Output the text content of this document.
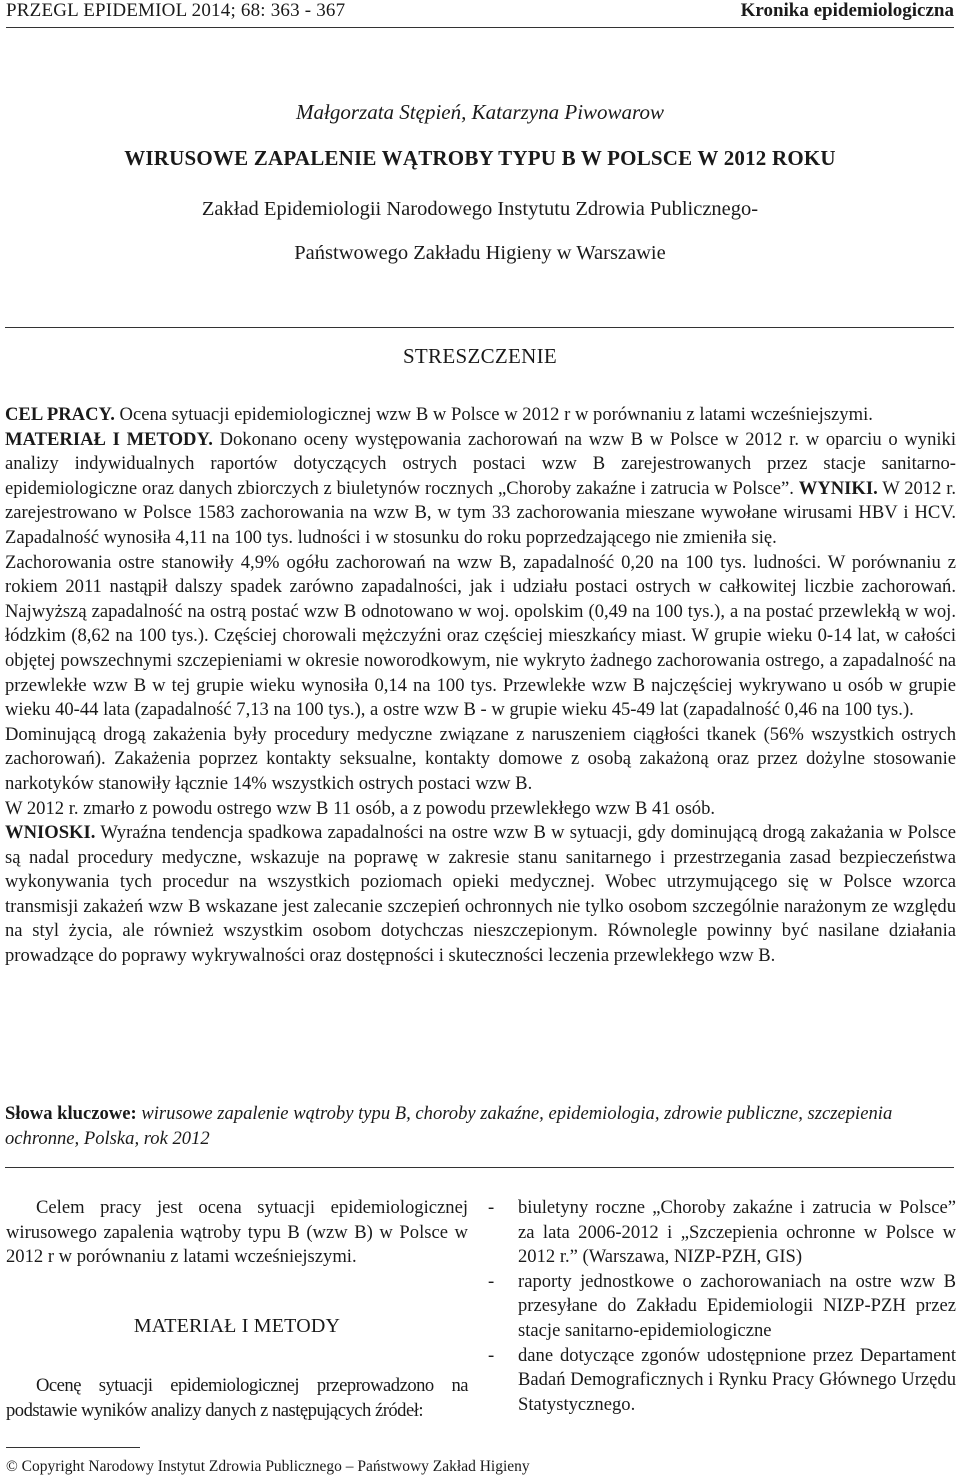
PRZEGL EPIDEMIOL 2014; 68: 363 - 367	Kronika epidemiologiczna
Małgorzata Stępień, Katarzyna Piwowarow
WIRUSOWE ZAPALENIE WĄTROBY TYPU B W POLSCE W 2012 ROKU
Zakład Epidemiologii Narodowego Instytutu Zdrowia Publicznego-
Państwowego Zakładu Higieny w Warszawie
STRESZCZENIE

CEL PRACY. Ocena sytuacji epidemiologicznej wzw B w Polsce w 2012 r w porównaniu z latami wcześniejszymi.

MATERIAŁ I METODY. Dokonano oceny występowania zachorowań na wzw B w Polsce w 2012 r. w oparciu o wyniki analizy indywidualnych raportów dotyczących ostrych postaci wzw B zarejestrowanych przez stacje sanitarno-epidemiologiczne oraz danych zbiorczych z biuletynów rocznych „Choroby zakaźne i zatrucia w Polsce”. WYNIKI. W 2012 r. zarejestrowano w Polsce 1583 zachorowania na wzw B, w tym 33 zachorowania mieszane wywołane wirusami HBV i HCV. Zapadalność wynosiła 4,11 na 100 tys. ludności i w stosunku do roku poprzedzającego nie zmieniła się.

Zachorowania ostre stanowiły 4,9% ogółu zachorowań na wzw B, zapadalność 0,20 na 100 tys. ludności. W porównaniu z rokiem 2011 nastąpił dalszy spadek zarówno zapadalności, jak i udziału postaci ostrych w całkowitej liczbie zachorowań. Najwyższą zapadalność na ostrą postać wzw B odnotowano w woj. opolskim (0,49 na 100 tys.), a na postać przewlekłą w woj. łódzkim (8,62 na 100 tys.). Częściej chorowali mężczyźni oraz częściej mieszkańcy miast. W grupie wieku 0-14 lat, w całości objętej powszechnymi szczepieniami w okresie noworodkowym, nie wykryto żadnego zachorowania ostrego, a zapadalność na przewlekłe wzw B w tej grupie wieku wynosiła 0,14 na 100 tys. Przewlekłe wzw B najczęściej wykrywano u osób w grupie wieku 40-44 lata (zapadalność 7,13 na 100 tys.), a ostre wzw B - w grupie wieku 45-49 lat (zapadalność 0,46 na 100 tys.).

Dominującą drogą zakażenia były procedury medyczne związane z naruszeniem ciągłości tkanek (56% wszystkich ostrych zachorowań). Zakażenia poprzez kontakty seksualne, kontakty domowe z osobą zakażoną oraz przez dożylne stosowanie narkotyków stanowiły łącznie 14% wszystkich ostrych postaci wzw B.

W 2012 r. zmarło z powodu ostrego wzw B 11 osób, a z powodu przewlekłego wzw B 41 osób.

WNIOSKI. Wyraźna tendencja spadkowa zapadalności na ostre wzw B w sytuacji, gdy dominującą drogą zakażania w Polsce są nadal procedury medyczne, wskazuje na poprawę w zakresie stanu sanitarnego i przestrzegania zasad bezpieczeństwa wykonywania tych procedur na wszystkich poziomach opieki medycznej. Wobec utrzymującego się w Polsce wzorca transmisji zakażeń wzw B wskazane jest zalecanie szczepień ochronnych nie tylko osobom szczególnie narażonym ze względu na styl życia, ale również wszystkim osobom dotychczas nieszczepionym. Równolegle powinny być nasilane działania prowadzące do poprawy wykrywalności oraz dostępności i skuteczności leczenia przewlekłego wzw B.

Słowa kluczowe: wirusowe zapalenie wątroby typu B, choroby zakaźne, epidemiologia, zdrowie publiczne, szczepienia ochronne, Polska, rok 2012

Celem pracy jest ocena sytuacji epidemiologicznej wirusowego zapalenia wątroby typu B (wzw B) w Polsce w 2012 r w porównaniu z latami wcześniejszymi.

MATERIAŁ I METODY

Ocenę sytuacji epidemiologicznej przeprowadzono na podstawie wyników analizy danych z następujących źródeł:

- biuletyny roczne „Choroby zakaźne i zatrucia w Polsce” za lata 2006-2012 i „Szczepienia ochronne w Polsce w 2012 r.” (Warszawa, NIZP-PZH, GIS)
- raporty jednostkowe o zachorowaniach na ostre wzw B przesyłane do Zakładu Epidemiologii NIZP-PZH przez stacje sanitarno-epidemiologiczne
- dane dotyczące zgonów udostępnione przez Departament Badań Demograficznych i Rynku Pracy Głównego Urzędu Statystycznego.
© Copyright Narodowy Instytut Zdrowia Publicznego – Państwowy Zakład Higieny
